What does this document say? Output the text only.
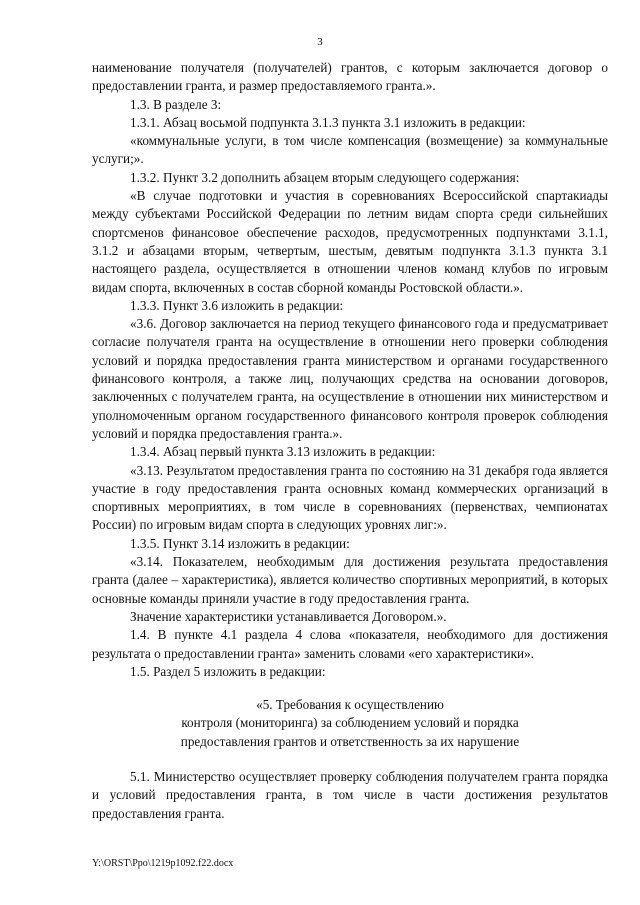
3

наименование получателя (получателей) грантов, с которым заключается договор о предоставлении гранта, и размер предоставляемого гранта.».

1.3. В разделе 3:

1.3.1. Абзац восьмой подпункта 3.1.3 пункта 3.1 изложить в редакции:

«коммунальные услуги, в том числе компенсация (возмещение) за коммунальные услуги;».

1.3.2. Пункт 3.2 дополнить абзацем вторым следующего содержания:

«В случае подготовки и участия в соревнованиях Всероссийской спартакиады между субъектами Российской Федерации по летним видам спорта среди сильнейших спортсменов финансовое обеспечение расходов, предусмотренных подпунктами 3.1.1, 3.1.2 и абзацами вторым, четвертым, шестым, девятым подпункта 3.1.3 пункта 3.1 настоящего раздела, осуществляется в отношении членов команд клубов по игровым видам спорта, включенных в состав сборной команды Ростовской области.».

1.3.3. Пункт 3.6 изложить в редакции:

«3.6. Договор заключается на период текущего финансового года и предусматривает согласие получателя гранта на осуществление в отношении него проверки соблюдения условий и порядка предоставления гранта министерством и органами государственного финансового контроля, а также лиц, получающих средства на основании договоров, заключенных с получателем гранта, на осуществление в отношении них министерством и уполномоченным органом государственного финансового контроля проверок соблюдения условий и порядка предоставления гранта.».

1.3.4. Абзац первый пункта 3.13 изложить в редакции:

«3.13. Результатом предоставления гранта по состоянию на 31 декабря года является участие в году предоставления гранта основных команд коммерческих организаций в спортивных мероприятиях, в том числе в соревнованиях (первенствах, чемпионатах России) по игровым видам спорта в следующих уровнях лиг:».

1.3.5. Пункт 3.14 изложить в редакции:

«3.14. Показателем, необходимым для достижения результата предоставления гранта (далее – характеристика), является количество спортивных мероприятий, в которых основные команды приняли участие в году предоставления гранта.

Значение характеристики устанавливается Договором.».

1.4. В пункте 4.1 раздела 4 слова «показателя, необходимого для достижения результата о предоставлении гранта» заменить словами «его характеристики».

1.5. Раздел 5 изложить в редакции:

«5. Требования к осуществлению
контроля (мониторинга) за соблюдением условий и порядка
предоставления грантов и ответственность за их нарушение

5.1. Министерство осуществляет проверку соблюдения получателем гранта порядка и условий предоставления гранта, в том числе в части достижения результатов предоставления гранта.

Y:\ORST\Ppo\1219p1092.f22.docx
